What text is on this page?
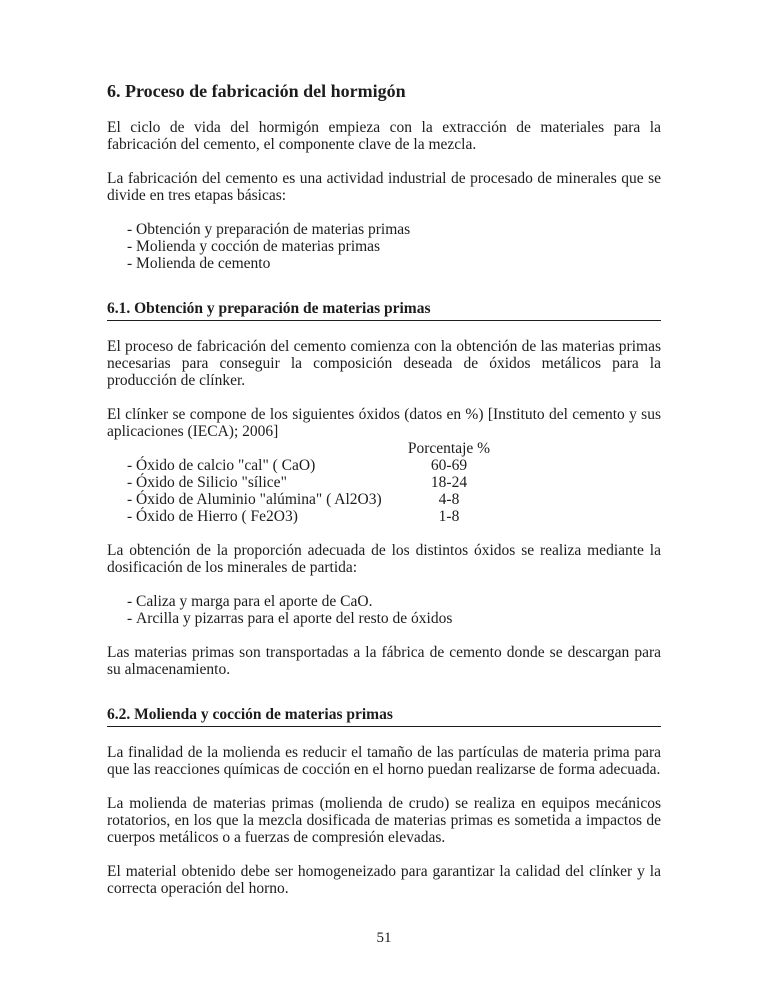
6. Proceso de fabricación del hormigón

El ciclo de vida del hormigón empieza con la extracción de materiales para la fabricación del cemento, el componente clave de la mezcla.

La fabricación del cemento es una actividad industrial de procesado de minerales que se divide en tres etapas básicas:

- Obtención y preparación de materias primas
- Molienda y cocción de materias primas
- Molienda de cemento
6.1. Obtención y preparación de materias primas

El proceso de fabricación del cemento comienza con la obtención de las materias primas necesarias para conseguir la composición deseada de óxidos metálicos para la producción de clínker.

El clínker se compone de los siguientes óxidos (datos en %) [Instituto del cemento y sus aplicaciones (IECA); 2006]

Porcentaje %
- Óxido de calcio "cal" ( CaO)	60-69
- Óxido de Silicio "sílice"	18-24
- Óxido de Aluminio "alúmina" ( Al2O3)	4-8
- Óxido de Hierro ( Fe2O3)	1-8

La obtención de la proporción adecuada de los distintos óxidos se realiza mediante la dosificación de los minerales de partida:

- Caliza y marga para el aporte de CaO.
- Arcilla y pizarras para el aporte del resto de óxidos

Las materias primas son transportadas a la fábrica de cemento donde se descargan para su almacenamiento.

6.2. Molienda y cocción de materias primas

La finalidad de la molienda es reducir el tamaño de las partículas de materia prima para que las reacciones químicas de cocción en el horno puedan realizarse de forma adecuada.

La molienda de materias primas (molienda de crudo) se realiza en equipos mecánicos rotatorios, en los que la mezcla dosificada de materias primas es sometida a impactos de cuerpos metálicos o a fuerzas de compresión elevadas.

El material obtenido debe ser homogeneizado para garantizar la calidad del clínker y la correcta operación del horno.

51
